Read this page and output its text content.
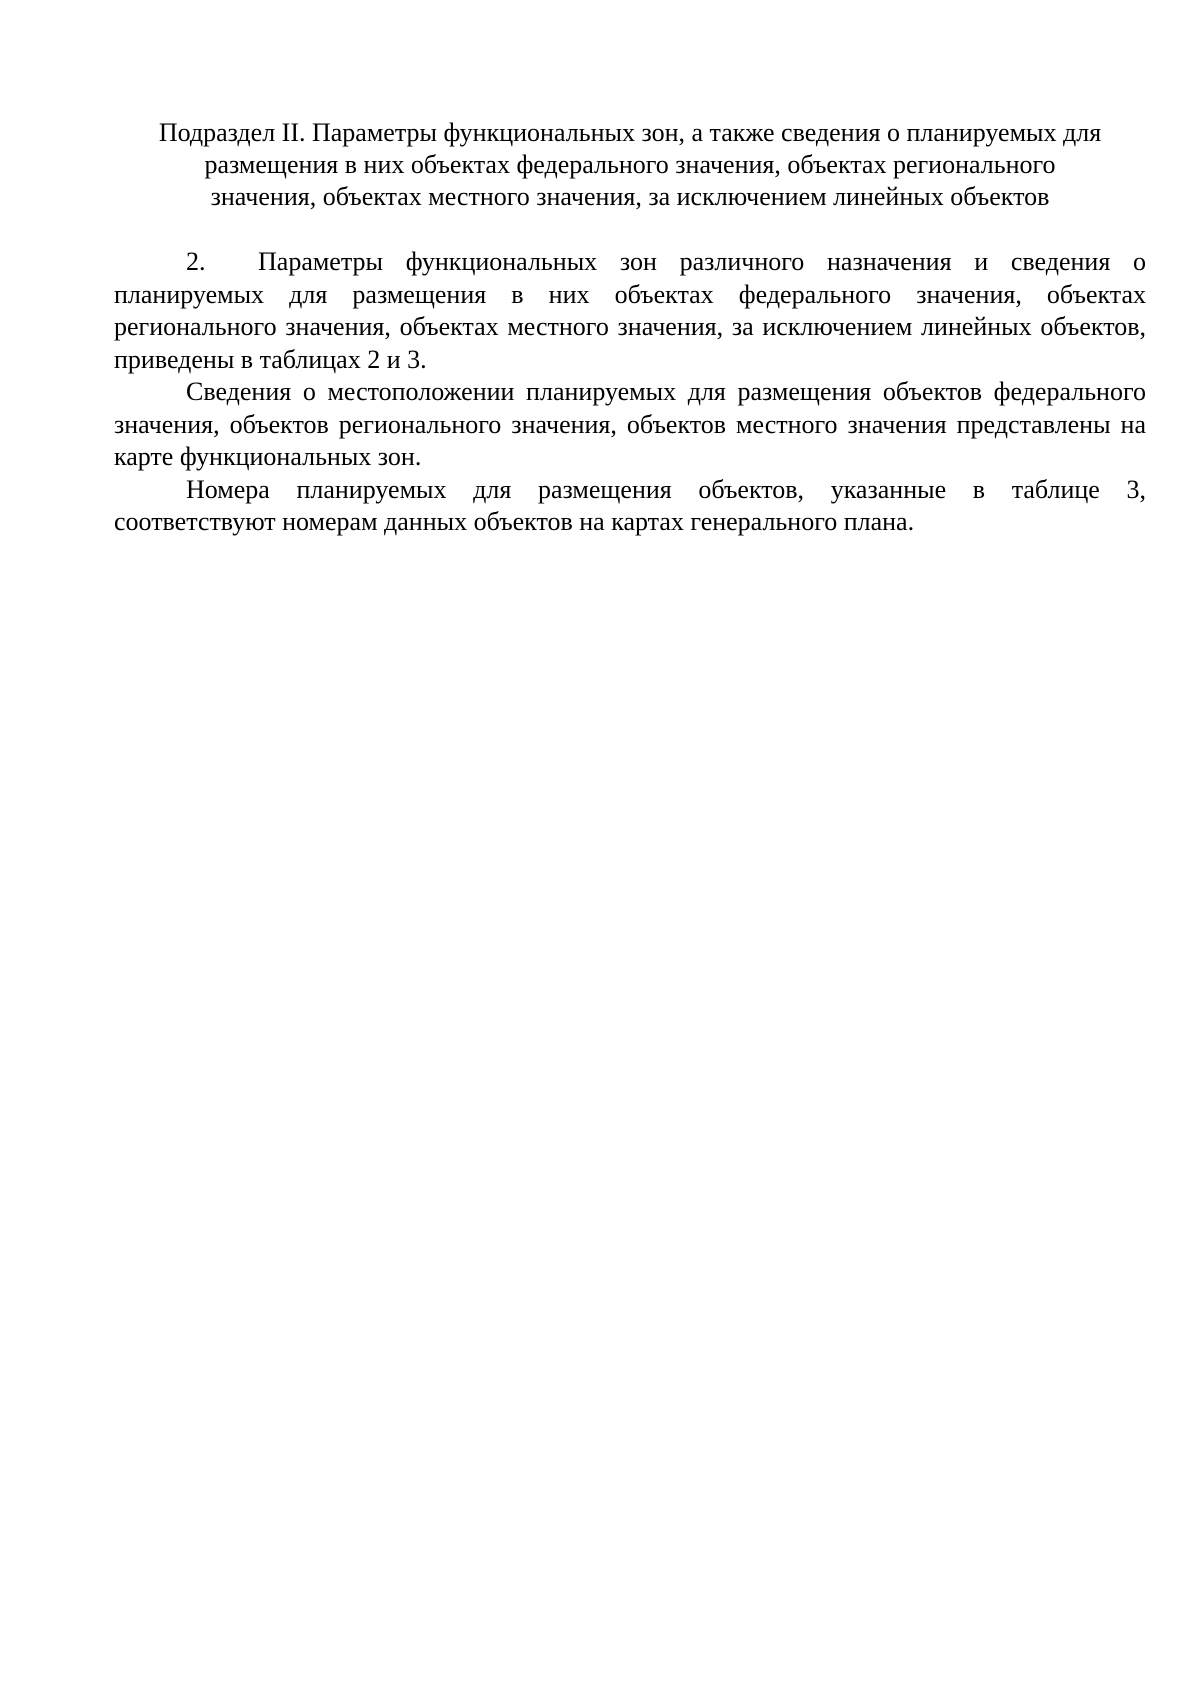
Подраздел II. Параметры функциональных зон, а также сведения о планируемых для
размещения в них объектах федерального значения, объектах регионального
значения, объектах местного значения, за исключением линейных объектов

2. Параметры функциональных зон различного назначения и сведения о планируемых для размещения в них объектах федерального значения, объектах регионального значения, объектах местного значения, за исключением линейных объектов, приведены в таблицах 2 и 3.

Сведения о местоположении планируемых для размещения объектов федерального значения, объектов регионального значения, объектов местного значения представлены на карте функциональных зон.

Номера планируемых для размещения объектов, указанные в таблице 3, соответствуют номерам данных объектов на картах генерального плана.
